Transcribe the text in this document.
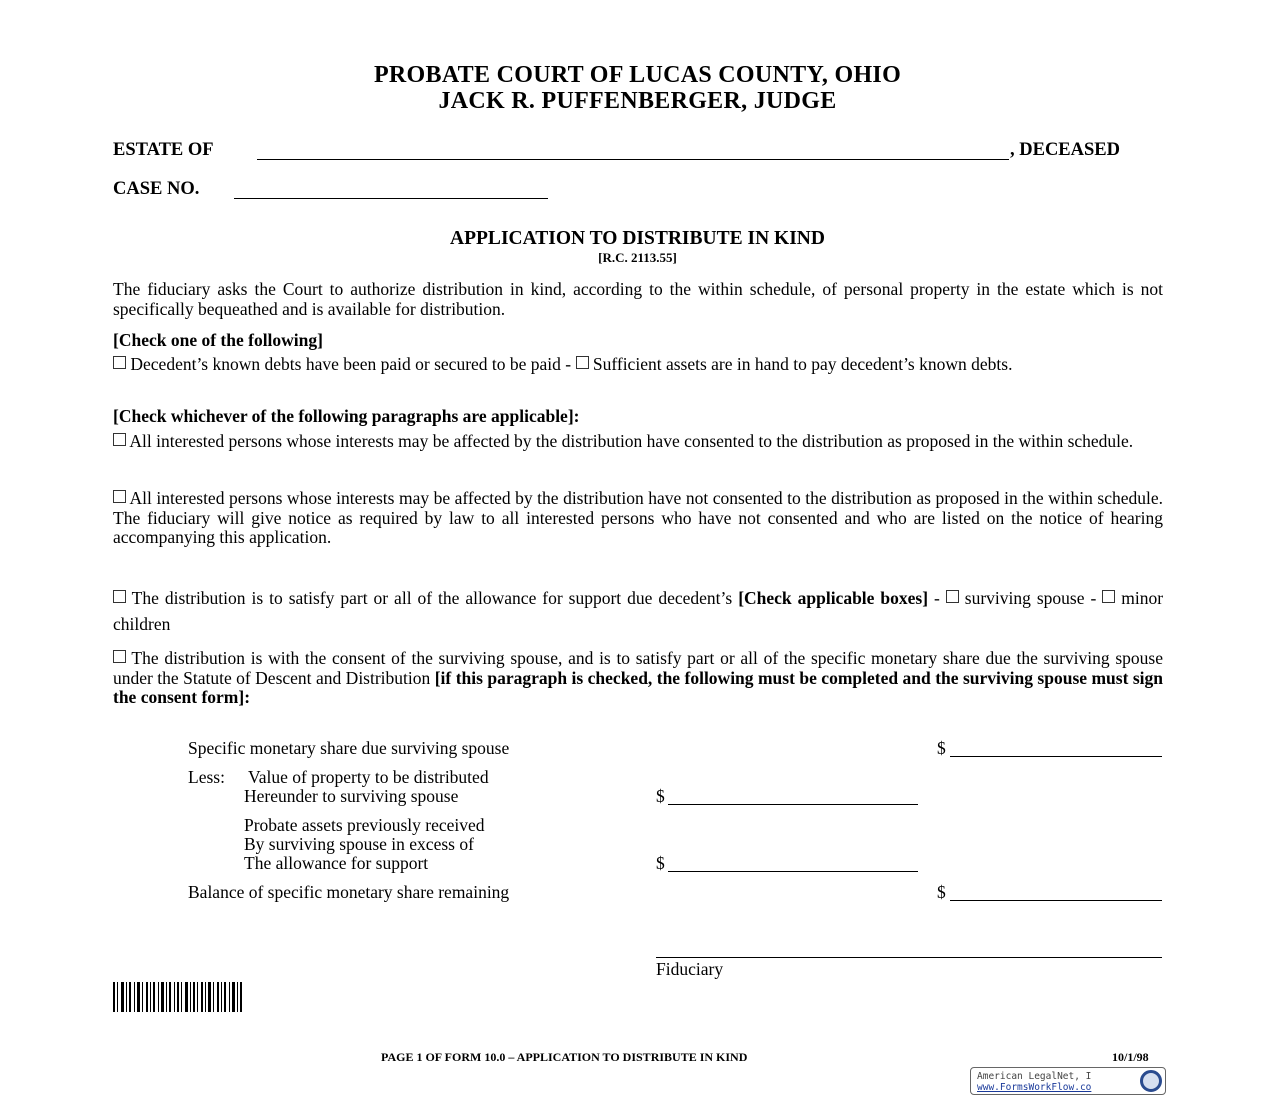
PROBATE COURT OF LUCAS COUNTY, OHIO
JACK R. PUFFENBERGER, JUDGE
ESTATE OF	, DECEASED
CASE NO.
APPLICATION TO DISTRIBUTE IN KIND
[R.C. 2113.55]
The fiduciary asks the Court to authorize distribution in kind, according to the within schedule, of personal property in the estate which is not specifically bequeathed and is available for distribution.
[Check one of the following]
Decedent’s known debts have been paid or secured to be paid - Sufficient assets are in hand to pay decedent’s known debts.
[Check whichever of the following paragraphs are applicable]:
All interested persons whose interests may be affected by the distribution have consented to the distribution as proposed in the within schedule.
All interested persons whose interests may be affected by the distribution have not consented to the distribution as proposed in the within schedule. The fiduciary will give notice as required by law to all interested persons who have not consented and who are listed on the notice of hearing accompanying this application.
The distribution is to satisfy part or all of the allowance for support due decedent’s [Check applicable boxes] - surviving spouse - minor children
The distribution is with the consent of the surviving spouse, and is to satisfy part or all of the specific monetary share due the surviving spouse under the Statute of Descent and Distribution [if this paragraph is checked, the following must be completed and the surviving spouse must sign the consent form]:
Specific monetary share due surviving spouse	$
Less: Value of property to be distributed
Hereunder to surviving spouse	$
Probate assets previously received
By surviving spouse in excess of
The allowance for support	$
Balance of specific monetary share remaining	$
Fiduciary
PAGE 1 OF FORM 10.0 – APPLICATION TO DISTRIBUTE IN KIND	10/1/98
American LegalNet, I
www.FormsWorkFlow.co
